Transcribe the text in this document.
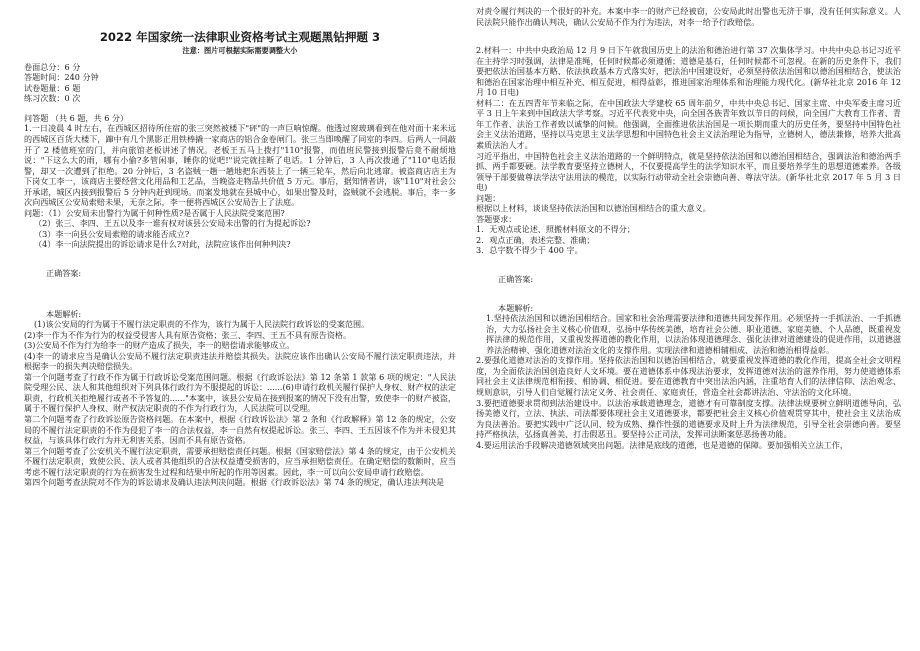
2022 年国家统一法律职业资格考试主观题黑钻押题 3

注意：图片可根据实际需要调整大小

卷面总分：6 分

答题时间：240 分钟

试卷题量：6 题

练习次数：0 次

问答题 （共 6 题，共 6 分）

1.一日凌晨 4 时左右，在西城区招待所住宿的张三突然被楼下"砰"的一声巨响惊醒。他透过窗玻璃看到在他对面十来米远的西城区百货大楼下，蹿中有几个黑影正用铁棒撬一家商店的铝合金卷闸门。张三当即唤醒了同室的李四。后两人一同敲开了 2 楼值班室的门，并向旅馆老板讲述了情况。老板王五马上拨打"110"报警，而值班民警接到报警后竟不耐烦地说："下这么大的雨，哪有小偷?多管闲事，睡你的觉吧!"说完就挂断了电话。1 分钟后，3 人再次拨通了"110"电话报警，却又一次遭到了拒绝。20 分钟后，3 名盗贼一趟一趟地把东西装上了一辆三轮车，然后向北逃窜。被盗商店店主为下岗女工李一，该商店主要经营文化用品和工艺品，当晚盗走物品共价值 5 万元。事后，据知情者讲，该"110"对社会公开承诺，城区内接到报警后 5 分钟内赶到现场。而案发地就在县城中心，如果出警及时，盗贼就不会逃脱。事后，李一多次向西城区公安局索赔未果，无奈之际，李一便将西城区公安局告上了法庭。

问题：（1）公安局未出警行为属于何种性质?是否属于人民法院受案范围?

（2）张三、李四、王五以及李一谁有权对该县公安局未出警的行为提起诉讼?

（3）李一向县公安局索赔的请求能否成立?

（4）李一向法院提出的诉讼请求是什么?对此，法院应该作出何种判决?

正确答案:

本题解析:

(1)该公安局的行为属于不履行法定职责的不作为，该行为属于人民法院行政诉讼的受案范围。

(2)李一作为不作为行为的权益受侵害人具有原告资格；张三、李四、王五不具有原告资格。

(3)公安局不作为行为给李一的财产造成了损失，李一的赔偿请求能够成立。

(4)李一的请求应当是确认公安局不履行法定职责违法并赔偿其损失。法院应该作出确认公安局不履行法定职责违法，并根据李一的损失判决赔偿损失。

第一个问题考查了行政不作为属于行政诉讼受案范围问题。根据《行政诉讼法》第 12 条第 1 款第 6 项的规定："人民法院受理公民、法人和其他组织对下列具体行政行为不服提起的诉讼：......(6)申请行政机关履行保护人身权、财产权的法定职责，行政机关拒绝履行或者不予答复的......"本案中，该县公安局在接到报案的情况下没有出警，致使李一的财产被盗，属于不履行保护人身权、财产权法定职责的不作为行政行为，人民法院可以受理。

第二个问题考查了行政诉讼原告资格问题。在本案中，根据《行政诉讼法》第 2 条和《行政解释》第 12 条的规定，公安局的不履行法定职责的不作为侵犯了李一的合法权益，李一自然有权提起诉讼。张三、李四、王五因该不作为并未侵犯其权益，与该具体行政行为并无利害关系，因而不具有原告资格。

第三个问题考查了公安机关不履行法定职责，需要承担赔偿责任问题。根据《国家赔偿法》第 4 条的规定，由于公安机关不履行法定职责，致使公民、法人或者其他组织的合法权益遭受损害的，应当承担赔偿责任。在确定赔偿的数额时，应当考虑不履行法定职责的行为在损害发生过程和结果中所起的作用等因素。因此，李一可以向公安局申请行政赔偿。

第四个问题考查法院对不作为的诉讼请求及确认违法判决问题。根据《行政诉讼法》第 74 条的规定，确认违法判决是

对责令履行判决的一个很好的补充。本案中李一的财产已经被窃，公安局此时出警也无济于事，没有任何实际意义。人民法院只能作出确认判决，确认公安局不作为行为违法，对李一给予行政赔偿。

2.材料一：中共中央政治局 12 月 9 日下午就我国历史上的法治和德治进行第 37 次集体学习。中共中央总书记习近平在主持学习时强调，法律是准绳，任何时候都必须遵循；道德是基石，任何时候都不可忽视。在新的历史条件下，我们要把依法治国基本方略、依法执政基本方式落实好，把法治中国建设好，必须坚持依法治国和以德治国相结合，使法治和德治在国家治理中相互补充、相互促进，相得益彰，推进国家治理体系和治理能力现代化。(新华社北京 2016 年 12 月 10 日电)

材料二：在五四青年节来临之际，在中国政法大学建校 65 周年前夕，中共中央总书记、国家主席、中央军委主席习近平 3 日上午来到中国政法大学考察。习近平代表党中央，向全国各族青年致以节日的问候，向全国广大教育工作者、青年工作者、法治工作者致以诚挚的问候。他强调，全面推进依法治国是一项长期而重大的历史任务，要坚持中国特色社会主义法治道路，坚持以马克思主义法学思想和中国特色社会主义法治理论为指导，立德树人，德法兼修，培养大批高素质法治人才。

习近平指出，中国特色社会主义法治道路的一个鲜明特点，就是坚持依法治国和以德治国相结合，强调法治和德治两手抓、两手都要硬。法学教育要坚持立德树人，不仅要提高学生的法学知识水平，而且要培养学生的思想道德素养。各级领导干部要做尊法学法守法用法的模范，以实际行动带动全社会崇德向善、尊法守法。(新华社北京 2017 年 5 月 3 日电)

问题：

根据以上材料，谈谈坚持依法治国和以德治国相结合的重大意义。

答题要求：

1．无观点或论述、照搬材料原文的不得分；

2．观点正确，表述完整、准确；

3．总字数不得少于 400 字。

正确答案:

本题解析:

1.坚持依法治国和以德治国相结合。国家和社会治理需要法律和道德共同发挥作用。必须坚持一手抓法治、一手抓德治，大力弘扬社会主义核心价值观，弘扬中华传统美德，培育社会公德、职业道德、家庭美德、个人品德，既重视发挥法律的规范作用，又重视发挥道德的教化作用，以法治体现道德理念、强化法律对道德建设的促进作用，以道德滋养法治精神、强化道德对法治文化的支撑作用。实现法律和道德相辅相成、法治和德治相得益彰。

2.要强化道德对法治的支撑作用。坚持依法治国和以德治国相结合，就要重视发挥道德的教化作用，提高全社会文明程度，为全面依法治国创造良好人文环境。要在道德体系中体现法治要求，发挥道德对法治的滋养作用，努力使道德体系同社会主义法律规范相衔接、相协调、相促进。要在道德教育中突出法治内涵，注重培育人们的法律信仰、法治观念、规则意识，引导人们自觉履行法定义务、社会责任、家庭责任，营造全社会都讲法治、守法治的文化环境。

3.要把道德要求贯彻到法治建设中。以法治承载道德理念，道德才有可靠制度支撑。法律法规要树立鲜明道德导向，弘扬美德义行，立法、执法、司法都要体现社会主义道德要求，都要把社会主义核心价值观贯穿其中，使社会主义法治成为良法善治。要把实践中广泛认同、较为成熟、操作性强的道德要求及时上升为法律规范，引导全社会崇德向善。要坚持严格执法，弘扬真善美、打击假恶丑。要坚持公正司法，发挥司法断案惩恶扬善功能。

4.要运用法治手段解决道德领域突出问题。法律是底线的道德，也是道德的保障。要加强相关立法工作，
